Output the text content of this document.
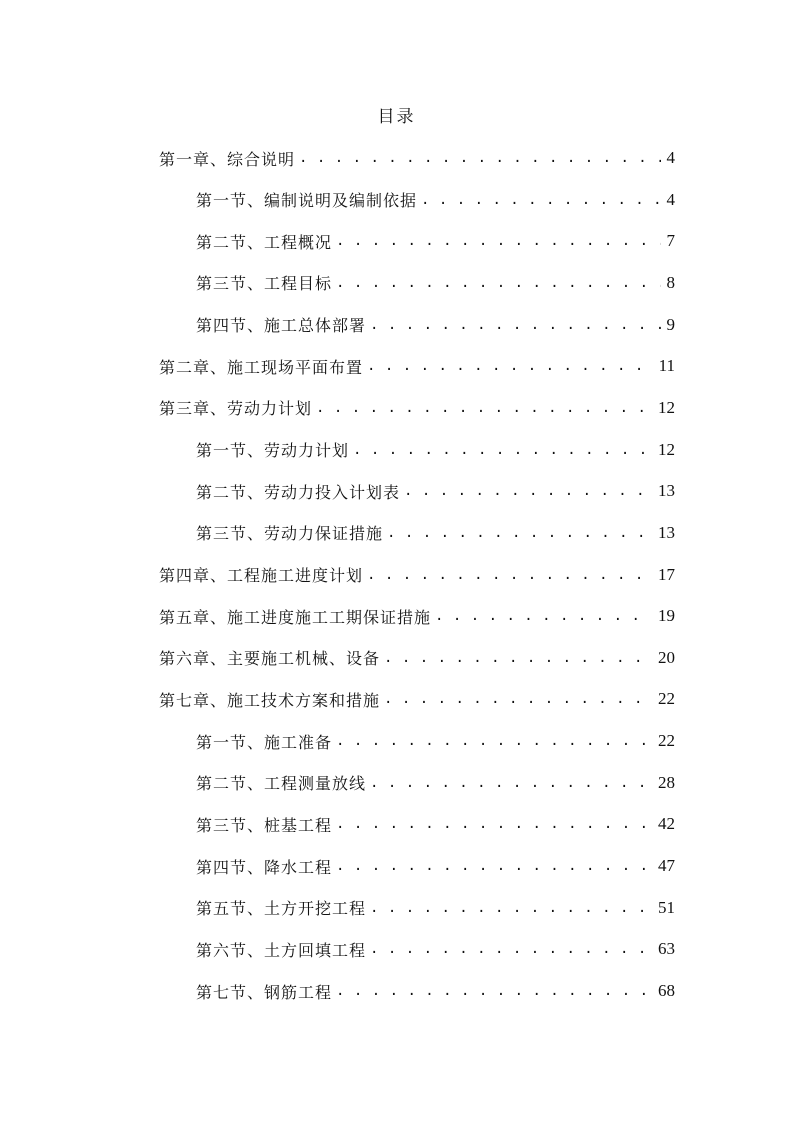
目录
第一章、综合说明 . . .	4
第一节、编制说明及编制依据 . . .	4
第二节、工程概况 . . .	7
第三节、工程目标 . . .	8
第四节、施工总体部署 . . .	9
第二章、施工现场平面布置 . . .	11
第三章、劳动力计划 . . .	12
第一节、劳动力计划 . . .	12
第二节、劳动力投入计划表 . . .	13
第三节、劳动力保证措施 . . .	13
第四章、工程施工进度计划 . . .	17
第五章、施工进度施工工期保证措施 . . .	19
第六章、主要施工机械、设备 . . .	20
第七章、施工技术方案和措施 . . .	22
第一节、施工准备 . . .	22
第二节、工程测量放线 . . .	28
第三节、桩基工程 . . .	42
第四节、降水工程 . . .	47
第五节、土方开挖工程 . . .	51
第六节、土方回填工程 . . .	63
第七节、钢筋工程 . . .	68
